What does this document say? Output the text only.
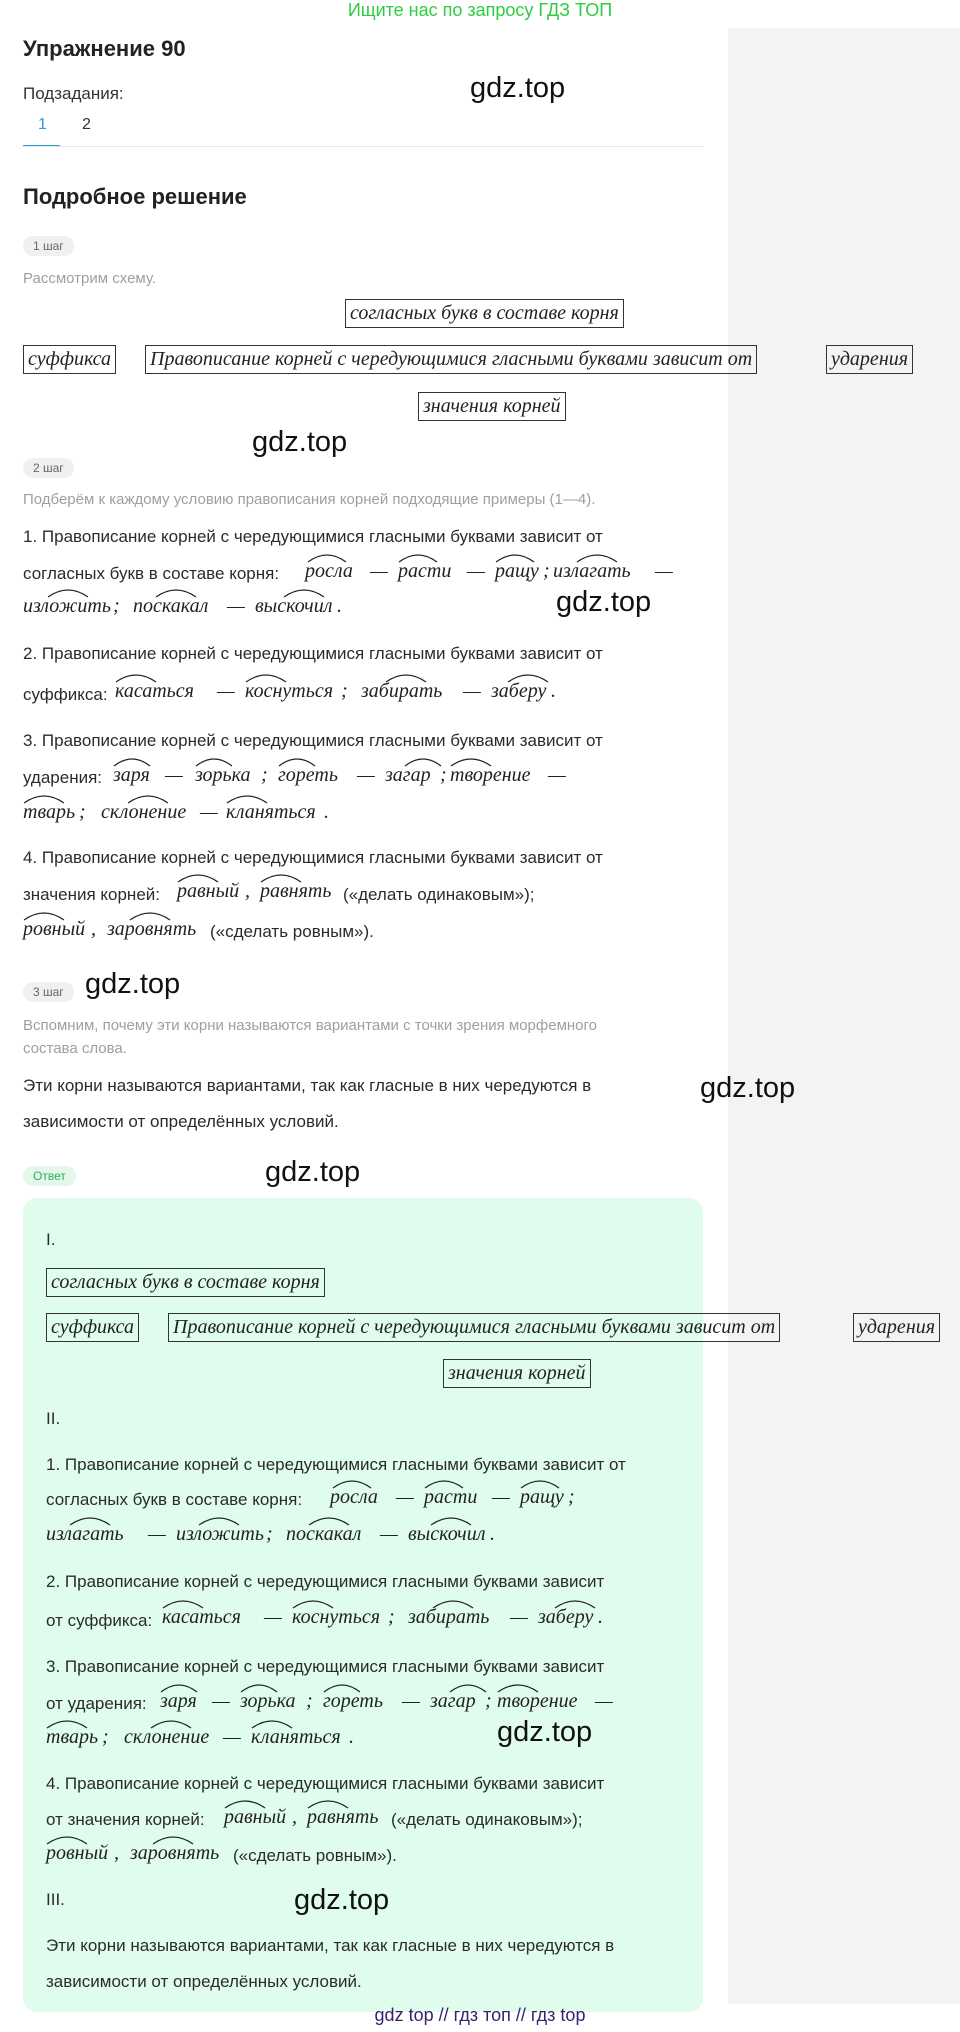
Ищите нас по запросу ГДЗ ТОП
Упражнение 90
Подзадания:
1 2
gdz.top
Подробное решение
1 шаг
Рассмотрим схему.
согласных букв в составе корня
суффикса Правописание корней с чередующимися гласными буквами зависит от	ударения
значения корней
gdz.top
2 шаг
Подберём к каждому условию правописания корней подходящие примеры (1—4).
1. Правописание корней с чередующимися гласными буквами зависит от
согласных букв в составе корня: росла — расти — ращу ; излагать —
изложить ; поскакал — выскочил .	gdz.top
2. Правописание корней с чередующимися гласными буквами зависит от
суффикса: касаться — коснуться ; забирать — заберу .
3. Правописание корней с чередующимися гласными буквами зависит от
ударения: заря — зорька ; гореть — загар ; творение —
тварь ; склонение — кланяться .
4. Правописание корней с чередующимися гласными буквами зависит от
значения корней: равный , равнять («делать одинаковым»);
ровный , заровнять («сделать ровным»).
3 шаг gdz.top
Вспомним, почему эти корни называются вариантами с точки зрения морфемного
состава слова.
Эти корни называются вариантами, так как гласные в них чередуются в
зависимости от определённых условий.
gdz.top
Ответ	gdz.top
I.
согласных букв в составе корня
суффикса Правописание корней с чередующимися гласными буквами зависит от	ударения
значения корней
II.
1. Правописание корней с чередующимися гласными буквами зависит от
согласных букв в составе корня: росла — расти — ращу ;
излагать — изложить ; поскакал — выскочил .
2. Правописание корней с чередующимися гласными буквами зависит
от суффикса: касаться — коснуться ; забирать — заберу .
3. Правописание корней с чередующимися гласными буквами зависит
от ударения: заря — зорька ; гореть — загар ; творение —
тварь ; склонение — кланяться .	gdz.top
4. Правописание корней с чередующимися гласными буквами зависит
от значения корней: равный , равнять («делать одинаковым»);
ровный , заровнять («сделать ровным»).
III.	gdz.top
Эти корни называются вариантами, так как гласные в них чередуются в
зависимости от определённых условий.
gdz top // гдз топ // гдз top
